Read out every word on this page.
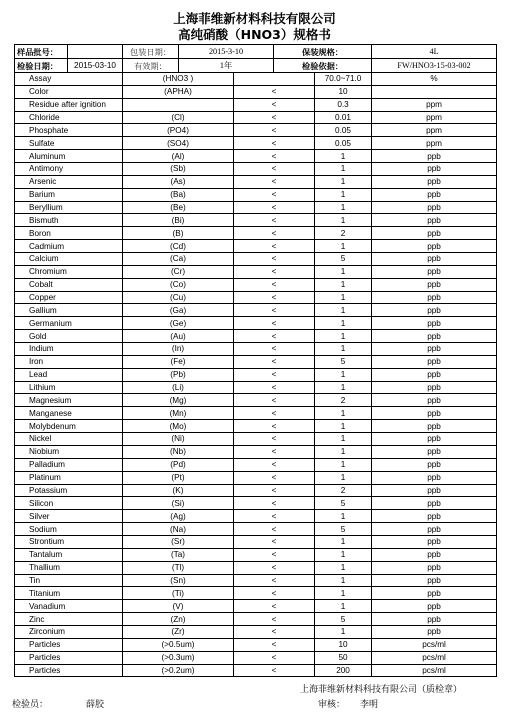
上海菲维新材料科技有限公司
高纯硝酸（HNO3）规格书
样品批号：		包装日期：	2015-3-10		保装规格：		4L
检验日期：	2015-03-10	有效期：	1年		检验依据：		FW/HNO3-15-03-002
Assay		(HNO3 )				70.0~71.0	%
Color		(APHA)		<		10	
Residue after ignition				<		0.3	ppm
Chloride		(Cl)		<		0.01	ppm
Phosphate		(PO4)		<		0.05	ppm
Sulfate		(SO4)		<		0.05	ppm
Aluminum		(Al)		<		1	ppb
Antimony		(Sb)		<		1	ppb
Arsenic		(As)		<		1	ppb
Barium		(Ba)		<		1	ppb
Beryllium		(Be)		<		1	ppb
Bismuth		(Bi)		<		1	ppb
Boron		(B)		<		2	ppb
Cadmium		(Cd)		<		1	ppb
Calcium		(Ca)		<		5	ppb
Chromium		(Cr)		<		1	ppb
Cobalt		(Co)		<		1	ppb
Copper		(Cu)		<		1	ppb
Gallium		(Ga)		<		1	ppb
Germanium		(Ge)		<		1	ppb
Gold		(Au)		<		1	ppb
Indium		(In)		<		1	ppb
Iron		(Fe)		<		5	ppb
Lead		(Pb)		<		1	ppb
Lithium		(Li)		<		1	ppb
Magnesium		(Mg)		<		2	ppb
Manganese		(Mn)		<		1	ppb
Molybdenum		(Mo)		<		1	ppb
Nickel		(Ni)		<		1	ppb
Niobium		(Nb)		<		1	ppb
Palladium		(Pd)		<		1	ppb
Platinum		(Pt)		<		1	ppb
Potassium		(K)		<		2	ppb
Silicon		(Si)		<		5	ppb
Silver		(Ag)		<		1	ppb
Sodium		(Na)		<		5	ppb
Strontium		(Sr)		<		1	ppb
Tantalum		(Ta)		<		1	ppb
Thallium		(Tl)		<		1	ppb
Tin		(Sn)		<		1	ppb
Titanium		(Ti)		<		1	ppb
Vanadium		(V)		<		1	ppb
Zinc		(Zn)		<		5	ppb
Zirconium		(Zr)		<		1	ppb
Particles		(>0.5um)		<		10	pcs/ml
Particles		(>0.3um)		<		50	pcs/ml
Particles		(>0.2um)		<		200	pcs/ml
上海菲维新材料科技有限公司（质检章）
检验员：	薛胶	审核： 李明
